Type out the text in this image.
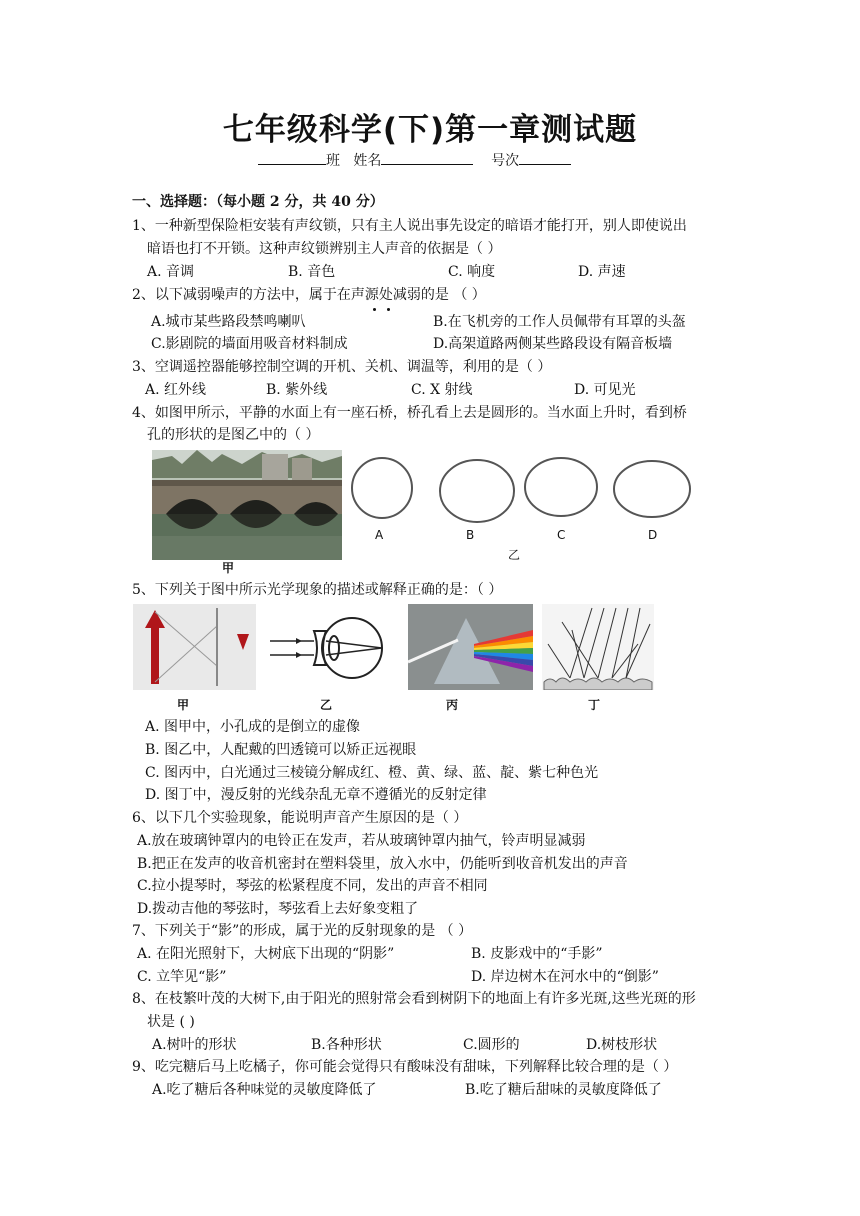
七年级科学(下)第一章测试题
班 姓名	号次
一、选择题：（每小题 2 分，共 40 分）
1、一种新型保险柜安装有声纹锁，只有主人说出事先设定的暗语才能打开，别人即使说出
暗语也打不开锁。这种声纹锁辨别主人声音的依据是（ ）
A. 音调	B. 音色	C. 响度	D. 声速
2、以下减弱噪声的方法中，属于在声源处减弱的是 （ ）
A.城市某些路段禁鸣喇叭	B.在飞机旁的工作人员佩带有耳罩的头盔
C.影剧院的墙面用吸音材料制成	D.高架道路两侧某些路段设有隔音板墙
3、空调遥控器能够控制空调的开机、关机、调温等，利用的是（ ）
A. 红外线	B. 紫外线	C. X 射线	D. 可见光
4、如图甲所示，平静的水面上有一座石桥，桥孔看上去是圆形的。当水面上升时，看到桥
孔的形状的是图乙中的（ ）
甲
A	B	C	D
乙
5、下列关于图中所示光学现象的描述或解释正确的是：（ ）
甲	乙	丙	丁
A. 图甲中，小孔成的是倒立的虚像
B. 图乙中，人配戴的凹透镜可以矫正远视眼
C. 图丙中，白光通过三棱镜分解成红、橙、黄、绿、蓝、靛、紫七种色光
D. 图丁中，漫反射的光线杂乱无章不遵循光的反射定律
6、以下几个实验现象，能说明声音产生原因的是（ ）
A.放在玻璃钟罩内的电铃正在发声，若从玻璃钟罩内抽气，铃声明显减弱
B.把正在发声的收音机密封在塑料袋里，放入水中，仍能听到收音机发出的声音
C.拉小提琴时，琴弦的松紧程度不同，发出的声音不相同
D.拨动吉他的琴弦时，琴弦看上去好象变粗了
7、下列关于“影”的形成，属于光的反射现象的是 （ ）
A. 在阳光照射下，大树底下出现的“阴影”	B. 皮影戏中的“手影”
C. 立竿见“影”	D. 岸边树木在河水中的“倒影”
8、在枝繁叶茂的大树下,由于阳光的照射常会看到树阴下的地面上有许多光斑,这些光斑的形
状是 ( )
A.树叶的形状	B.各种形状	C.圆形的	D.树枝形状
9、吃完糖后马上吃橘子，你可能会觉得只有酸味没有甜味，下列解释比较合理的是（ ）
A.吃了糖后各种味觉的灵敏度降低了	B.吃了糖后甜味的灵敏度降低了
